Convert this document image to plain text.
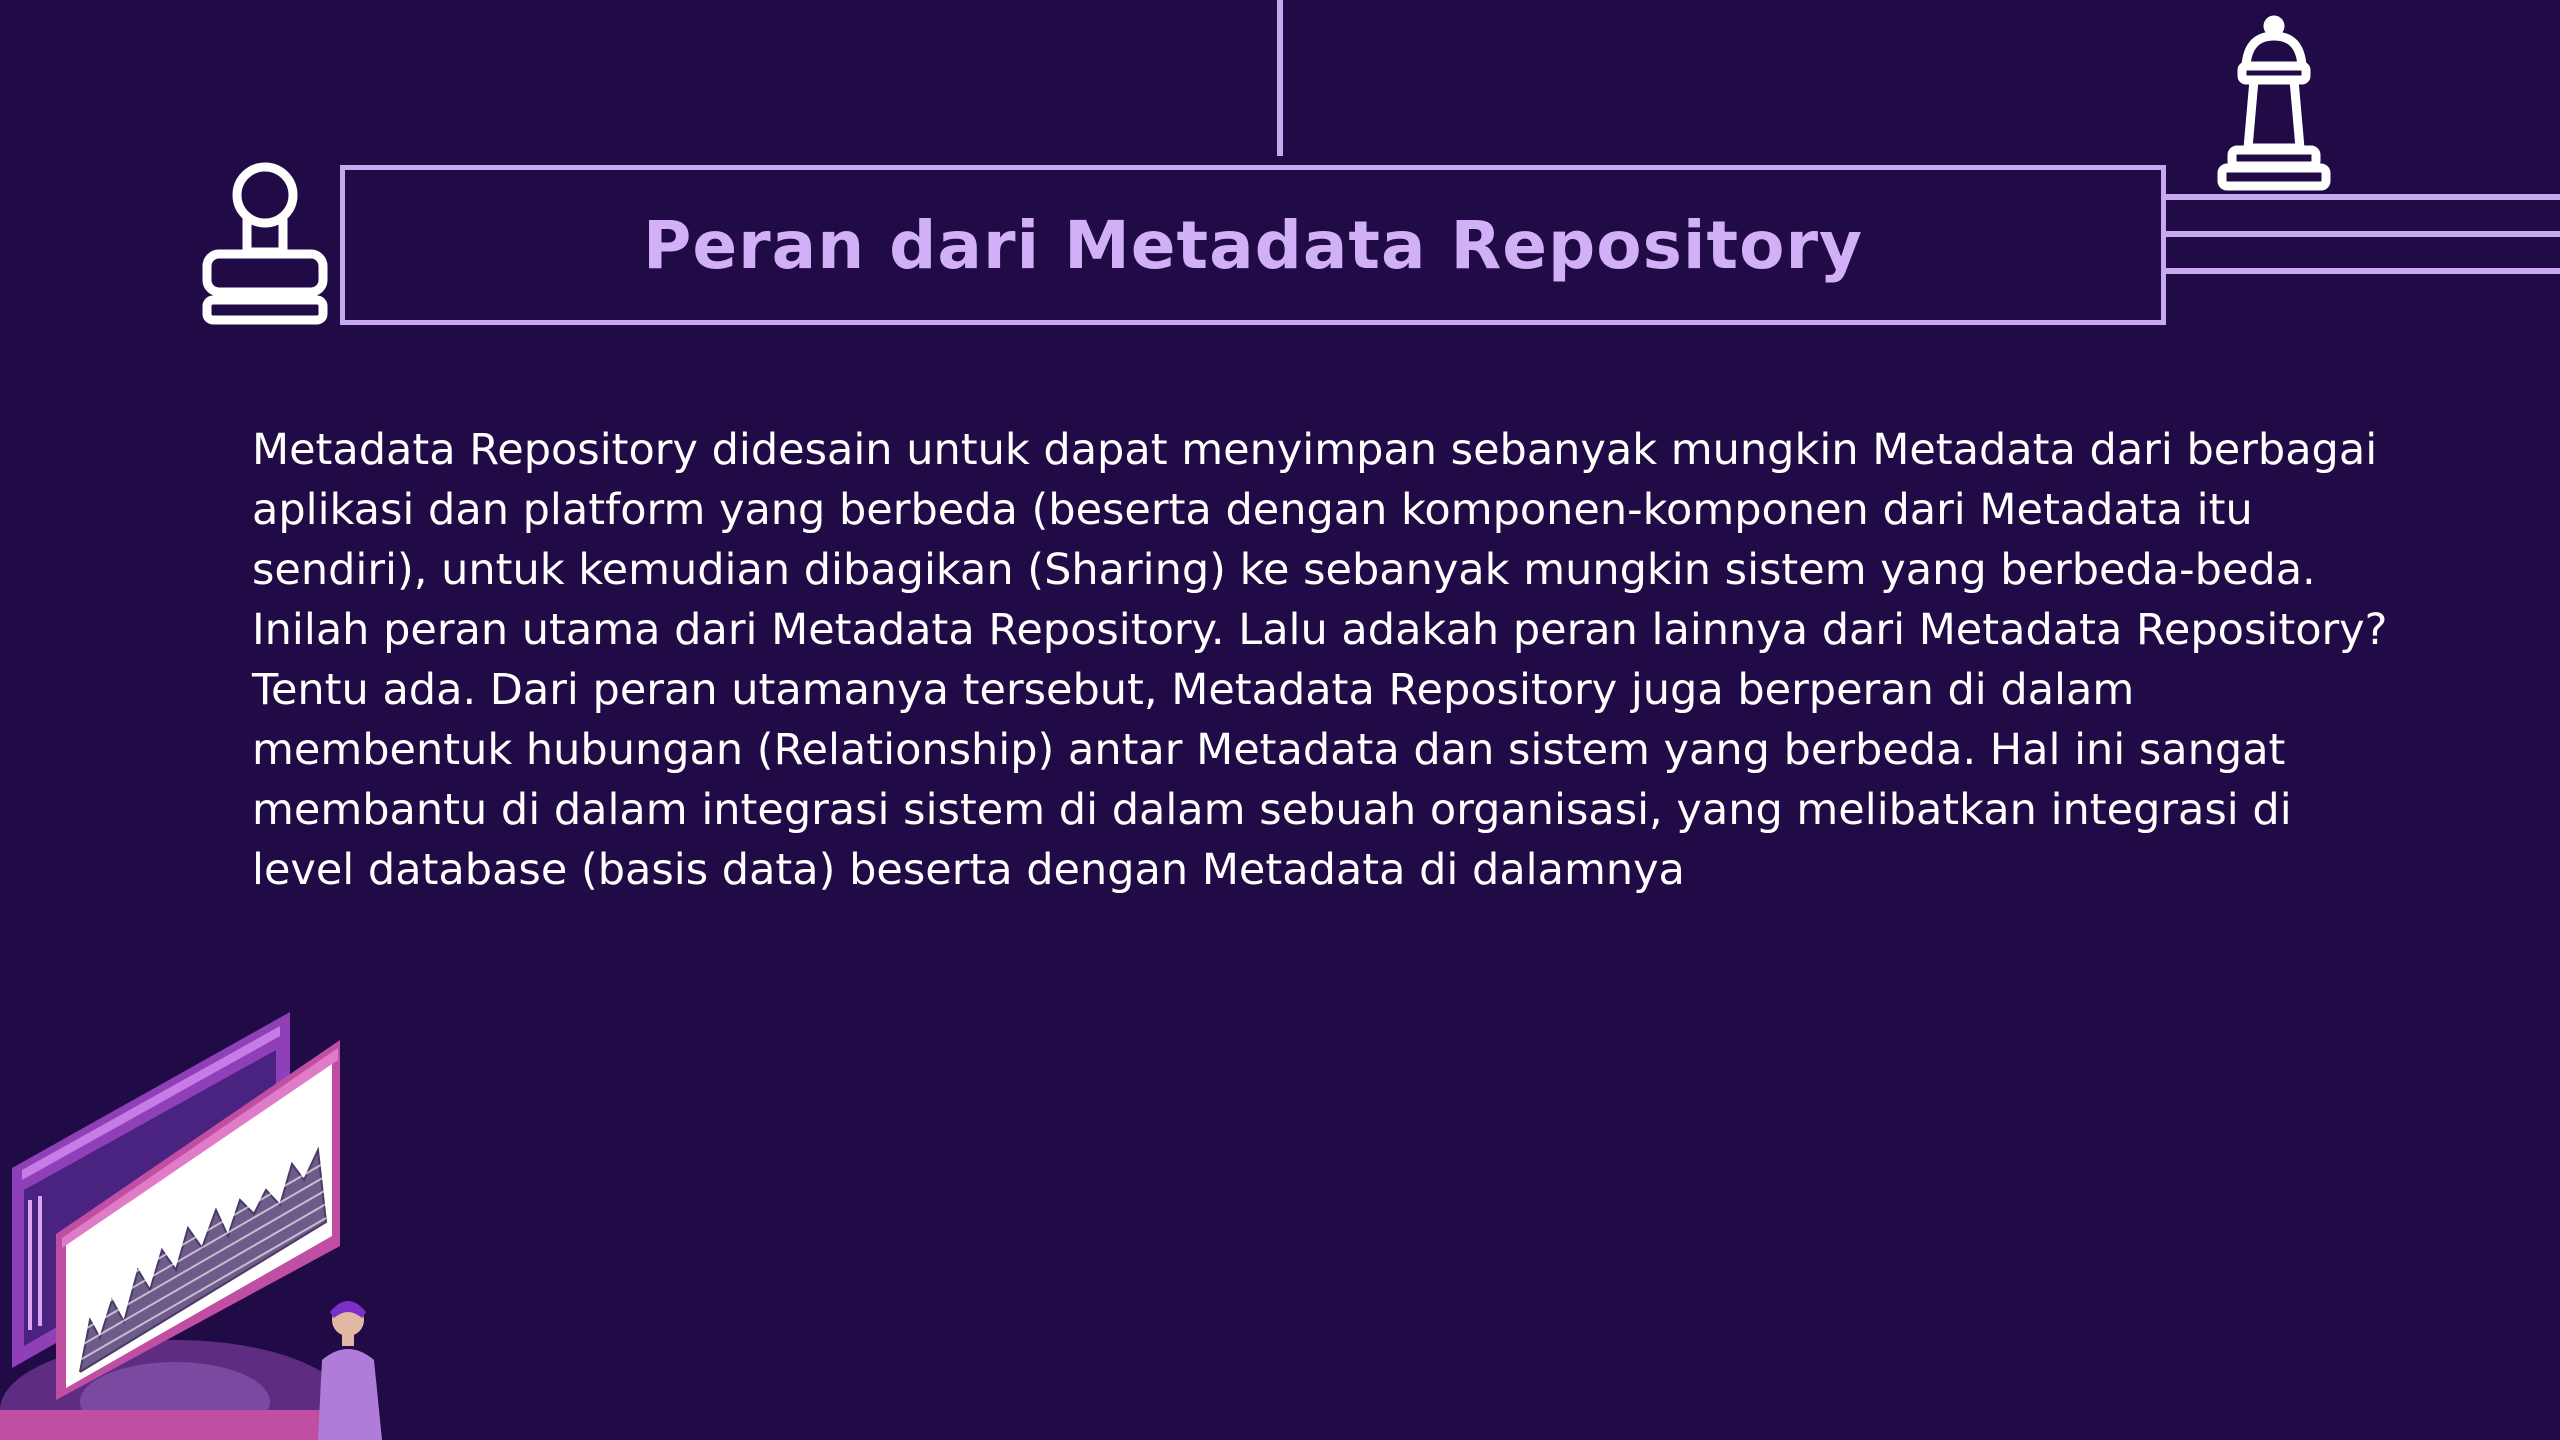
Peran dari Metadata Repository

Metadata Repository didesain untuk dapat menyimpan sebanyak mungkin Metadata dari berbagai aplikasi dan platform yang berbeda (beserta dengan komponen-komponen dari Metadata itu sendiri), untuk kemudian dibagikan (Sharing) ke sebanyak mungkin sistem yang berbeda-beda. Inilah peran utama dari Metadata Repository. Lalu adakah peran lainnya dari Metadata Repository? Tentu ada. Dari peran utamanya tersebut, Metadata Repository juga berperan di dalam membentuk hubungan (Relationship) antar Metadata dan sistem yang berbeda. Hal ini sangat membantu di dalam integrasi sistem di dalam sebuah organisasi, yang melibatkan integrasi di level database (basis data) beserta dengan Metadata di dalamnya
